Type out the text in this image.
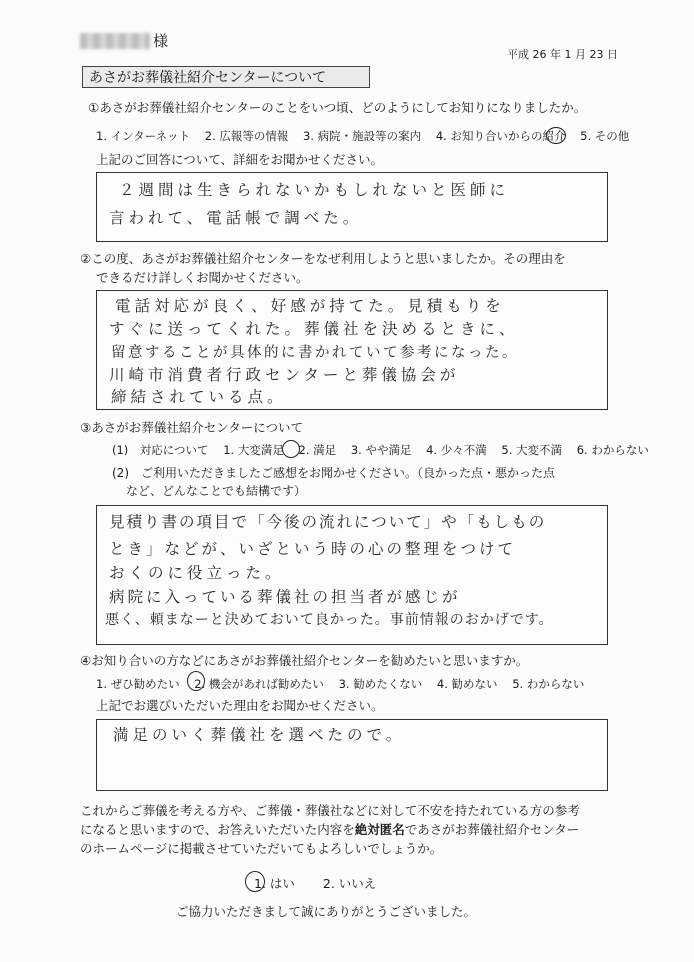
様
平成 26 年 1 月 23 日
あさがお葬儀社紹介センターについて
①あさがお葬儀社紹介センターのことをいつ頃、どのようにしてお知りになりましたか。
1. インターネット 2. 広報等の情報 3. 病院・施設等の案内 4. お知り合いからの紹介 5. その他
上記のご回答について、詳細をお聞かせください。
２週間は生きられないかもしれないと医師に
言われて、電話帳で調べた。
②この度、あさがお葬儀社紹介センターをなぜ利用しようと思いましたか。その理由を
できるだけ詳しくお聞かせください。
電話対応が良く、好感が持てた。見積もりを
すぐに送ってくれた。葬儀社を決めるときに、
留意することが具体的に書かれていて参考になった。
川崎市消費者行政センターと葬儀協会が
締結されている点。
③あさがお葬儀社紹介センターについて
(1)　対応について 1. 大変満足 2. 満足 3. やや満足 4. 少々不満 5. 大変不満 6. わからない
(2)　ご利用いただきましたご感想をお聞かせください。（良かった点・悪かった点
など、どんなことでも結構です）
見積り書の項目で「今後の流れについて」や「もしもの
とき」などが、いざという時の心の整理をつけて
おくのに役立った。
病院に入っている葬儀社の担当者が感じが
悪く、頼まなーと決めておいて良かった。事前情報のおかげです。
④お知り合いの方などにあさがお葬儀社紹介センターを勧めたいと思いますか。
1. ぜひ勧めたい 2. 機会があれば勧めたい 3. 勧めたくない 4. 勧めない 5. わからない
上記でお選びいただいた理由をお聞かせください。
満足のいく葬儀社を選べたので。
これからご葬儀を考える方や、ご葬儀・葬儀社などに対して不安を持たれている方の参考
になると思いますので、お答えいただいた内容を絶対匿名であさがお葬儀社紹介センター
のホームページに掲載させていただいてもよろしいでしょうか。
1. はい 2. いいえ
ご協力いただきまして誠にありがとうございました。
